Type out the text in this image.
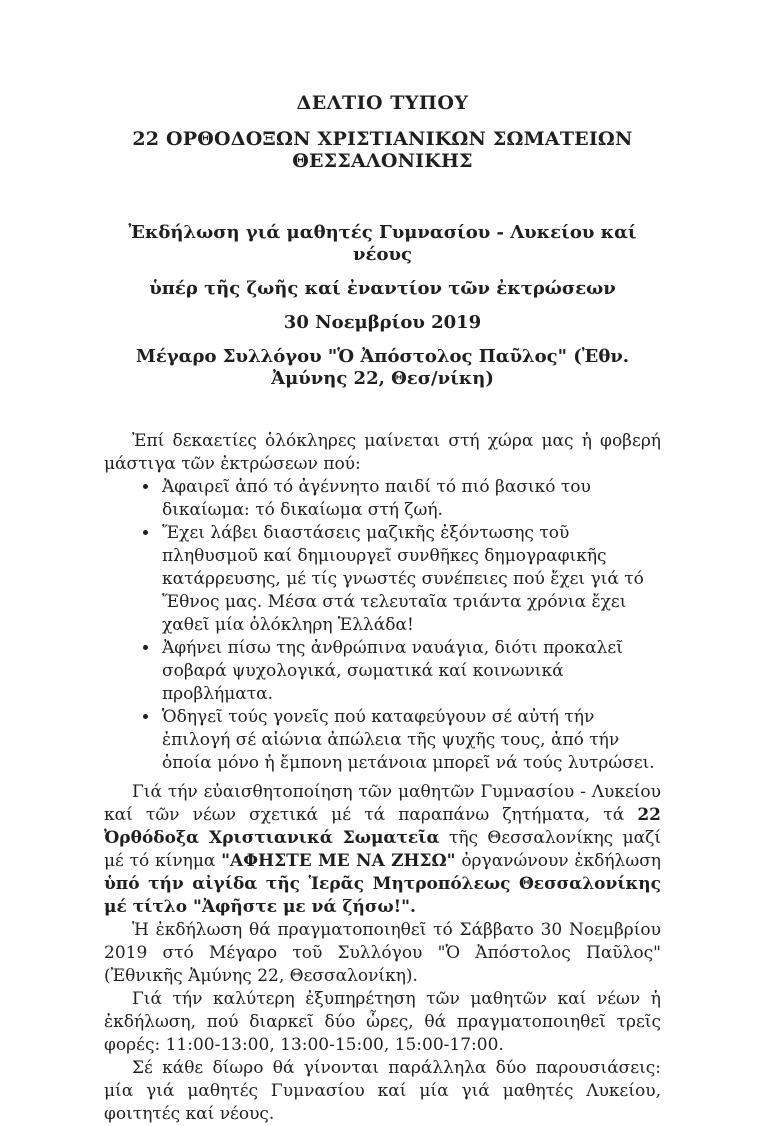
ΔΕΛΤΙΟ ΤΥΠΟΥ
22 ΟΡΘΟΔΟΞΩΝ ΧΡΙΣΤΙΑΝΙΚΩΝ ΣΩΜΑΤΕΙΩΝ ΘΕΣΣΑΛΟΝΙΚΗΣ
Ἐκδήλωση γιά μαθητές Γυμνασίου - Λυκείου καί νέους
ὑπέρ τῆς ζωῆς καί ἐναντίον τῶν ἐκτρώσεων
30 Νοεμβρίου 2019
Μέγαρο Συλλόγου "Ὁ Ἀπόστολος Παῦλος" (Ἐθν. Ἀμύνης 22, Θεσ/νίκη)

Ἐπί δεκαετίες ὁλόκληρες μαίνεται στή χώρα μας ἡ φοβερή μάστιγα τῶν ἐκτρώσεων πού:

• Ἀφαιρεῖ ἀπό τό ἀγέννητο παιδί τό πιό βασικό του δικαίωμα: τό δικαίωμα στή ζωή.
• Ἔχει λάβει διαστάσεις μαζικῆς ἐξόντωσης τοῦ πληθυσμοῦ καί δημιουργεῖ συνθῆκες δημογραφικῆς κατάρρευσης, μέ τίς γνωστές συνέπειες πού ἔχει γιά τό Ἔθνος μας. Μέσα στά τελευταῖα τριάντα χρόνια ἔχει χαθεῖ μία ὁλόκληρη Ἑλλάδα!
• Ἀφήνει πίσω της ἀνθρώπινα ναυάγια, διότι προκαλεῖ σοβαρά ψυχολογικά, σωματικά καί κοινωνικά προβλήματα.
• Ὁδηγεῖ τούς γονεῖς πού καταφεύγουν σέ αὐτή τήν ἐπιλογή σέ αἰώνια ἀπώλεια τῆς ψυχῆς τους, ἀπό τήν ὁποία μόνο ἡ ἔμπονη μετάνοια μπορεῖ νά τούς λυτρώσει.

Γιά τήν εὐαισθητοποίηση τῶν μαθητῶν Γυμνασίου - Λυκείου καί τῶν νέων σχετικά μέ τά παραπάνω ζητήματα, τά 22 Ὀρθόδοξα Χριστιανικά Σωματεῖα τῆς Θεσσαλονίκης μαζί μέ τό κίνημα "ΑΦΗΣΤΕ ΜΕ ΝΑ ΖΗΣΩ" ὀργανώνουν ἐκδήλωση ὑπό τήν αἰγίδα τῆς Ἱερᾶς Μητροπόλεως Θεσσαλονίκης μέ τίτλο "Ἀφῆστε με νά ζήσω!".

Ἡ ἐκδήλωση θά πραγματοποιηθεῖ τό Σάββατο 30 Νοεμβρίου 2019 στό Μέγαρο τοῦ Συλλόγου "Ὁ Ἀπόστολος Παῦλος" (Ἐθνικῆς Ἀμύνης 22, Θεσσαλονίκη).

Γιά τήν καλύτερη ἐξυπηρέτηση τῶν μαθητῶν καί νέων ἡ ἐκδήλωση, πού διαρκεῖ δύο ὧρες, θά πραγματοποιηθεῖ τρεῖς φορές: 11:00-13:00, 13:00-15:00, 15:00-17:00.

Σέ κάθε δίωρο θά γίνονται παράλληλα δύο παρουσιάσεις: μία γιά μαθητές Γυμνασίου καί μία γιά μαθητές Λυκείου, φοιτητές καί νέους.
